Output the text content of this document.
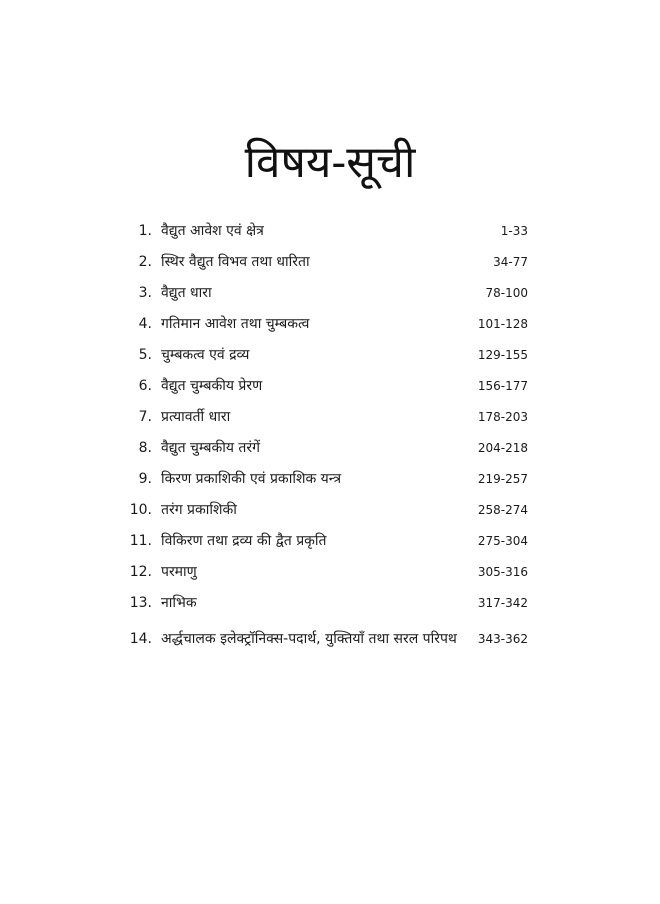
विषय-सूची
1. वैद्युत आवेश एवं क्षेत्र	1-33
2. स्थिर वैद्युत विभव तथा धारिता	34-77
3. वैद्युत धारा	78-100
4. गतिमान आवेश तथा चुम्बकत्व	101-128
5. चुम्बकत्व एवं द्रव्य	129-155
6. वैद्युत चुम्बकीय प्रेरण	156-177
7. प्रत्यावर्ती धारा	178-203
8. वैद्युत चुम्बकीय तरंगें	204-218
9. किरण प्रकाशिकी एवं प्रकाशिक यन्त्र	219-257
10. तरंग प्रकाशिकी	258-274
11. विकिरण तथा द्रव्य की द्वैत प्रकृति	275-304
12. परमाणु	305-316
13. नाभिक	317-342
14. अर्द्धचालक इलेक्ट्रॉनिक्स-पदार्थ, युक्तियाँ तथा सरल परिपथ	343-362
